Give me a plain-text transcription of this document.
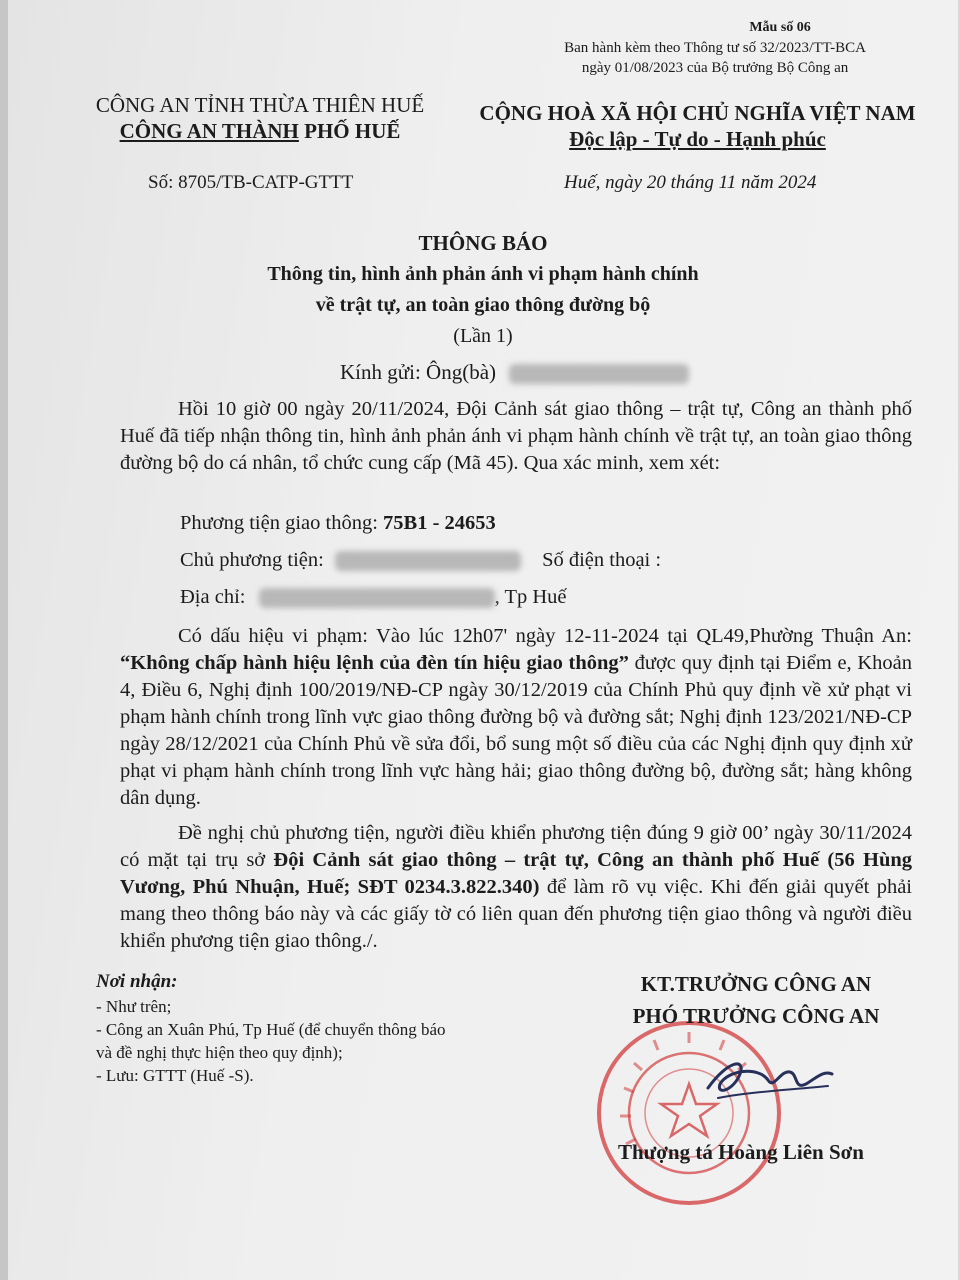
Mẫu số 06
Ban hành kèm theo Thông tư số 32/2023/TT-BCA
ngày 01/08/2023 của Bộ trưởng Bộ Công an
CÔNG AN TỈNH THỪA THIÊN HUẾ
CÔNG AN THÀNH PHỐ HUẾ
CỘNG HOÀ XÃ HỘI CHỦ NGHĨA VIỆT NAM
Độc lập - Tự do - Hạnh phúc
Số: 8705/TB-CATP-GTTT	Huế, ngày 20 tháng 11 năm 2024
THÔNG BÁO
Thông tin, hình ảnh phản ánh vi phạm hành chính
về trật tự, an toàn giao thông đường bộ
(Lần 1)
Kính gửi: Ông(bà)
Hồi 10 giờ 00 ngày 20/11/2024, Đội Cảnh sát giao thông – trật tự, Công an thành phố Huế đã tiếp nhận thông tin, hình ảnh phản ánh vi phạm hành chính về trật tự, an toàn giao thông đường bộ do cá nhân, tổ chức cung cấp (Mã 45). Qua xác minh, xem xét:
Phương tiện giao thông: 75B1 - 24653
Chủ phương tiện:	Số điện thoại :
Địa chỉ:	, Tp Huế
Có dấu hiệu vi phạm: Vào lúc 12h07' ngày 12-11-2024 tại QL49,Phường Thuận An: “Không chấp hành hiệu lệnh của đèn tín hiệu giao thông” được quy định tại Điểm e, Khoản 4, Điều 6, Nghị định 100/2019/NĐ-CP ngày 30/12/2019 của Chính Phủ quy định về xử phạt vi phạm hành chính trong lĩnh vực giao thông đường bộ và đường sắt; Nghị định 123/2021/NĐ-CP ngày 28/12/2021 của Chính Phủ về sửa đổi, bổ sung một số điều của các Nghị định quy định xử phạt vi phạm hành chính trong lĩnh vực hàng hải; giao thông đường bộ, đường sắt; hàng không dân dụng.
Đề nghị chủ phương tiện, người điều khiển phương tiện đúng 9 giờ 00’ ngày 30/11/2024 có mặt tại trụ sở Đội Cảnh sát giao thông – trật tự, Công an thành phố Huế (56 Hùng Vương, Phú Nhuận, Huế; SĐT 0234.3.822.340) để làm rõ vụ việc. Khi đến giải quyết phải mang theo thông báo này và các giấy tờ có liên quan đến phương tiện giao thông và người điều khiển phương tiện giao thông./.
Nơi nhận:
- Như trên;
- Công an Xuân Phú, Tp Huế (để chuyển thông báo
và đề nghị thực hiện theo quy định);
- Lưu: GTTT (Huế -S).
KT.TRƯỞNG CÔNG AN
PHÓ TRƯỞNG CÔNG AN
Thượng tá Hoàng Liên Sơn
